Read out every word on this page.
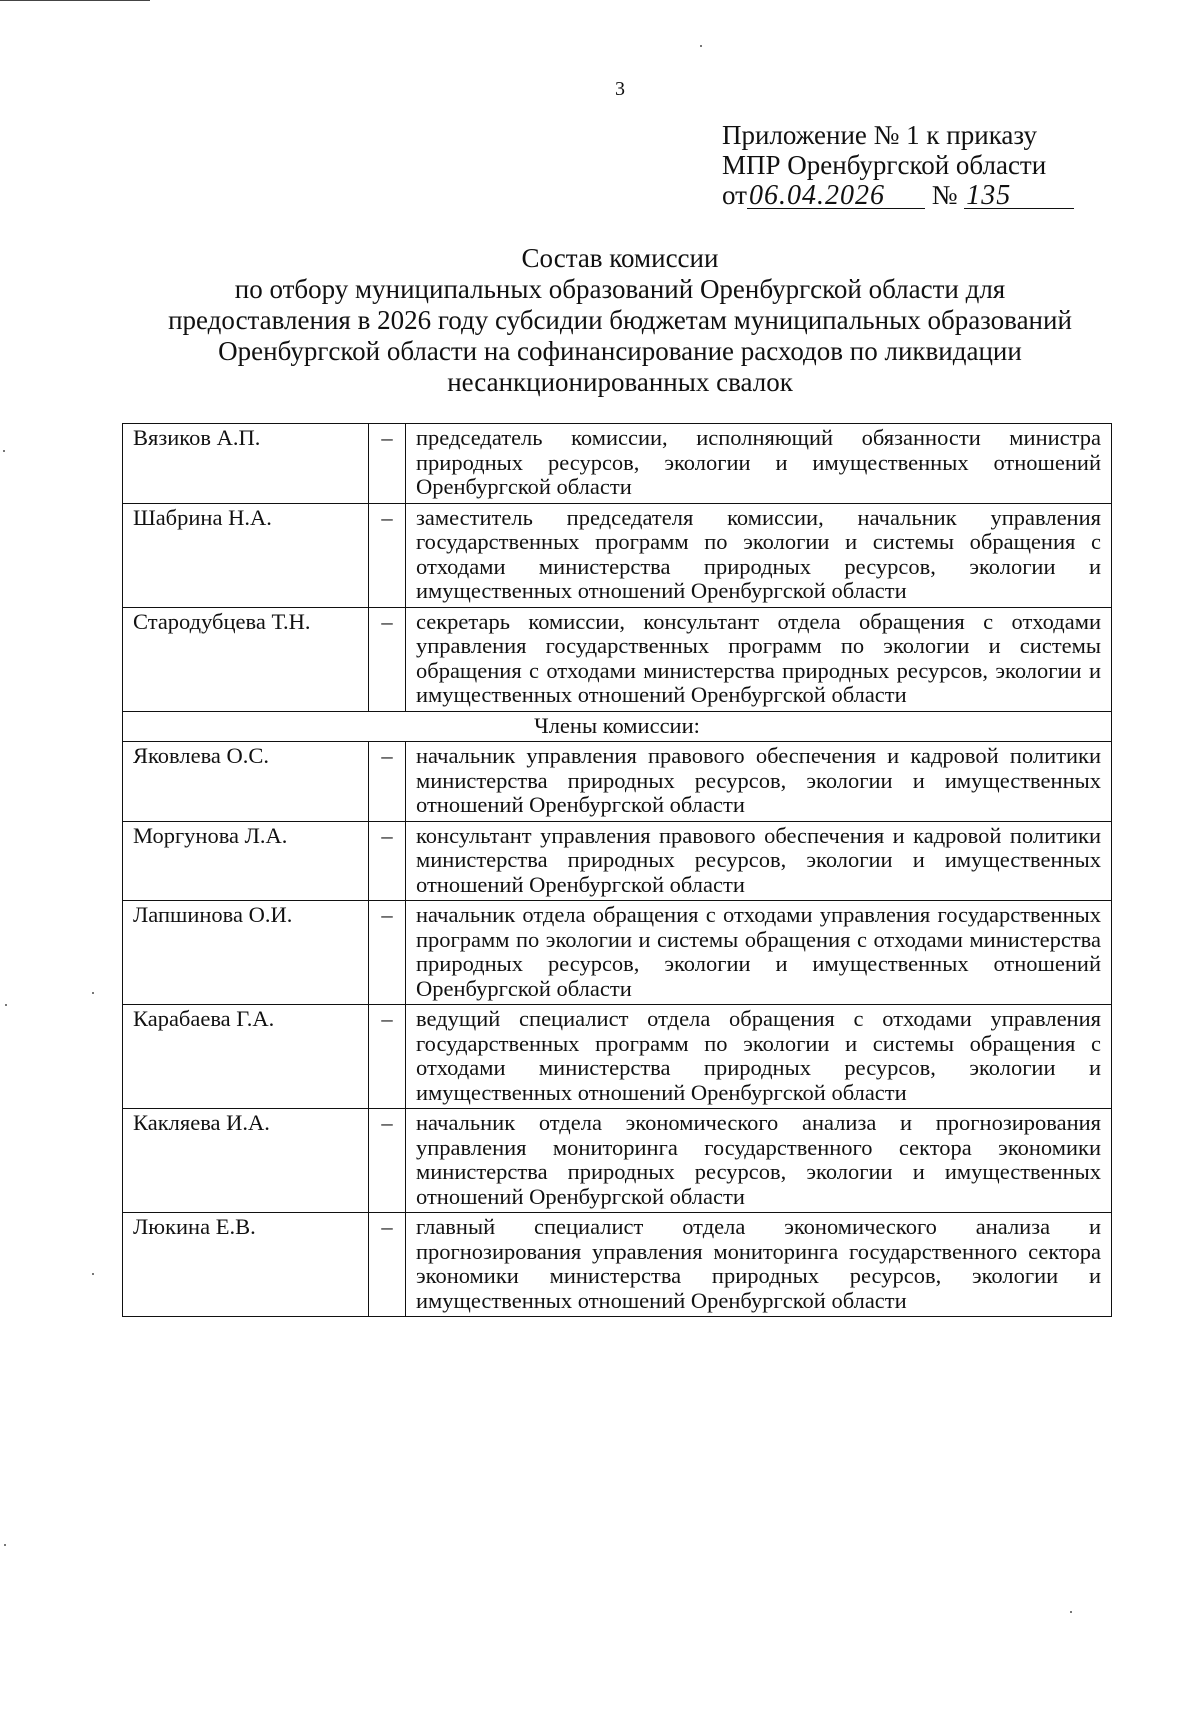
3
Приложение № 1 к приказу
МПР Оренбургской области
от06.04.2026 № 135
Состав комиссии
по отбору муниципальных образований Оренбургской области для
предоставления в 2026 году субсидии бюджетам муниципальных образований
Оренбургской области на софинансирование расходов по ликвидации
несанкционированных свалок
Вязиков А.П.	–	председатель комиссии, исполняющий обязанности министра природных ресурсов, экологии и имущественных отношений Оренбургской области
Шабрина Н.А.	–	заместитель председателя комиссии, начальник управления государственных программ по экологии и системы обращения с отходами министерства природных ресурсов, экологии и имущественных отношений Оренбургской области
Стародубцева Т.Н.	–	секретарь комиссии, консультант отдела обращения с отходами управления государственных программ по экологии и системы обращения с отходами министерства природных ресурсов, экологии и имущественных отношений Оренбургской области
Члены комиссии:		
Яковлева О.С.	–	начальник управления правового обеспечения и кадровой политики министерства природных ресурсов, экологии и имущественных отношений Оренбургской области
Моргунова Л.А.	–	консультант управления правового обеспечения и кадровой политики министерства природных ресурсов, экологии и имущественных отношений Оренбургской области
Лапшинова О.И.	–	начальник отдела обращения с отходами управления государственных программ по экологии и системы обращения с отходами министерства природных ресурсов, экологии и имущественных отношений Оренбургской области
Карабаева Г.А.	–	ведущий специалист отдела обращения с отходами управления государственных программ по экологии и системы обращения с отходами министерства природных ресурсов, экологии и имущественных отношений Оренбургской области
Какляева И.А.	–	начальник отдела экономического анализа и прогнозирования управления мониторинга государственного сектора экономики министерства природных ресурсов, экологии и имущественных отношений Оренбургской области
Люкина Е.В.	–	главный специалист отдела экономического анализа и прогнозирования управления мониторинга государственного сектора экономики министерства природных ресурсов, экологии и имущественных отношений Оренбургской области
